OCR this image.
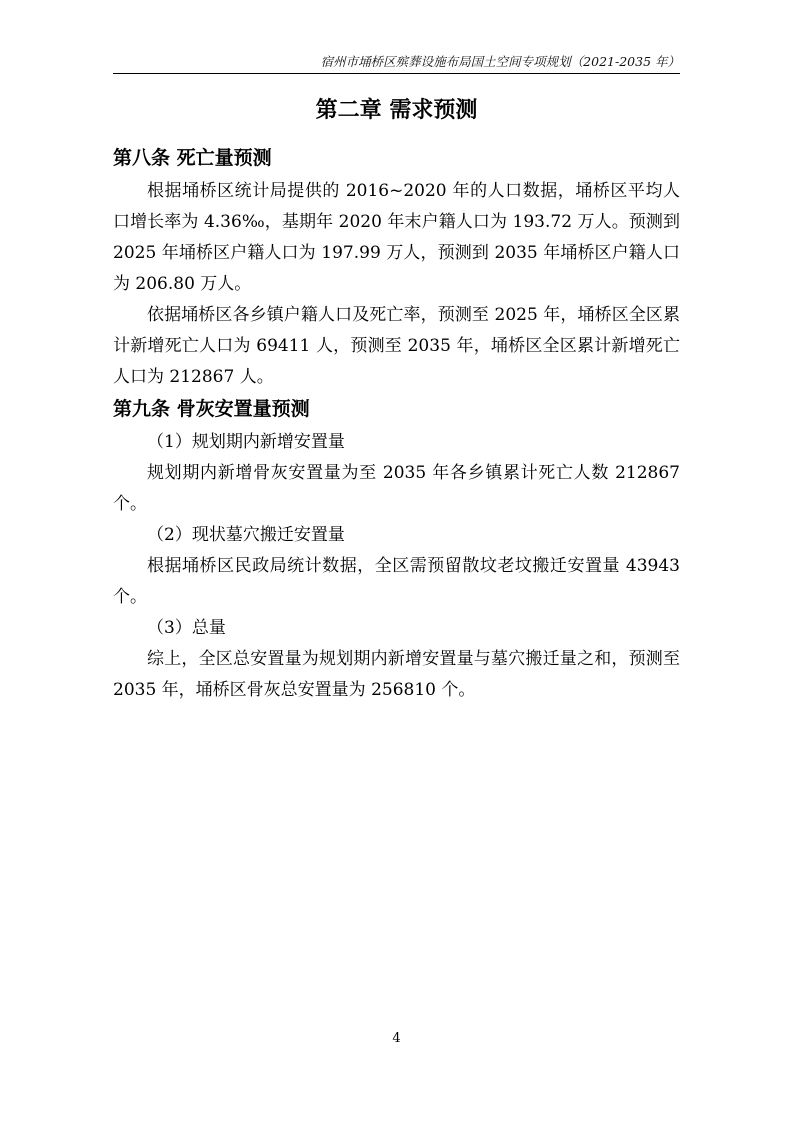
宿州市埇桥区殡葬设施布局国土空间专项规划（2021-2035 年）
第二章 需求预测
第八条 死亡量预测

根据埇桥区统计局提供的 2016~2020 年的人口数据，埇桥区平均人口增长率为 4.36‰，基期年 2020 年末户籍人口为 193.72 万人。预测到 2025 年埇桥区户籍人口为 197.99 万人，预测到 2035 年埇桥区户籍人口为 206.80 万人。

依据埇桥区各乡镇户籍人口及死亡率，预测至 2025 年，埇桥区全区累计新增死亡人口为 69411 人，预测至 2035 年，埇桥区全区累计新增死亡人口为 212867 人。

第九条 骨灰安置量预测

（1）规划期内新增安置量

规划期内新增骨灰安置量为至 2035 年各乡镇累计死亡人数 212867 个。

（2）现状墓穴搬迁安置量

根据埇桥区民政局统计数据，全区需预留散坟老坟搬迁安置量 43943 个。

（3）总量

综上，全区总安置量为规划期内新增安置量与墓穴搬迁量之和，预测至 2035 年，埇桥区骨灰总安置量为 256810 个。

4
